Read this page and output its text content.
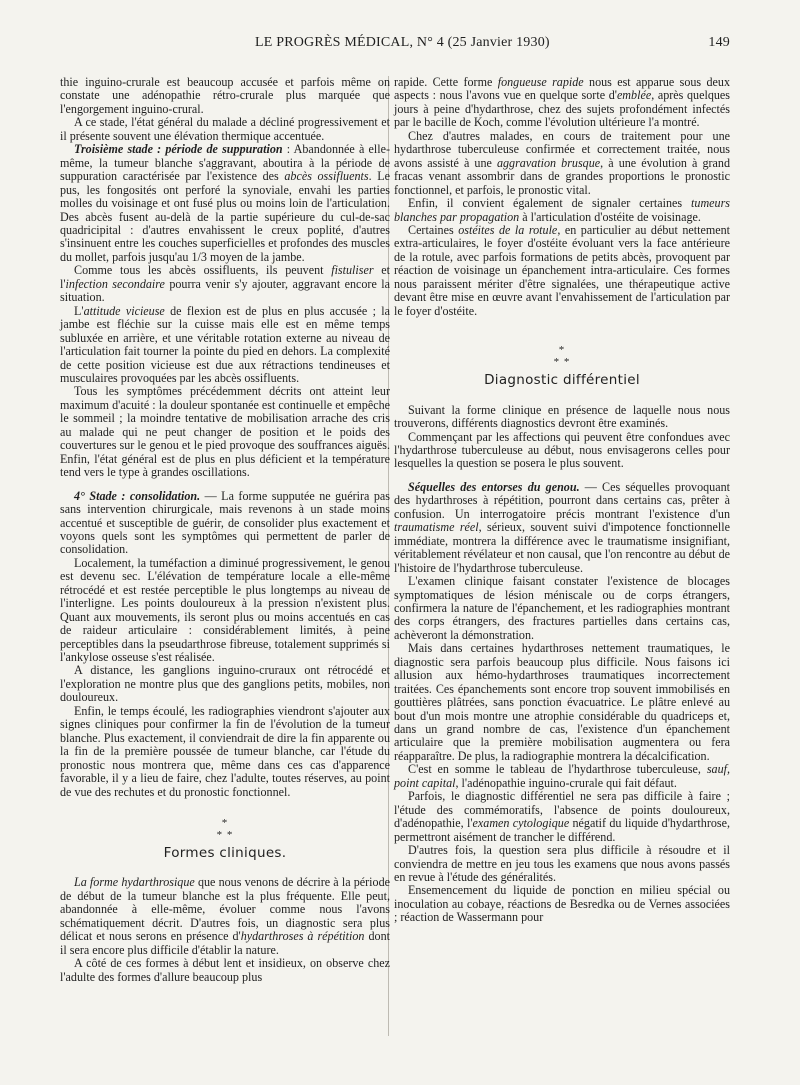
LE PROGRÈS MÉDICAL, N° 4 (25 Janvier 1930)	149

thie inguino-crurale est beaucoup accusée et parfois même on constate une adénopathie rétro-crurale plus marquée que l'engorgement inguino-crural.

A ce stade, l'état général du malade a décliné progressivement et il présente souvent une élévation thermique accentuée.

Troisième stade : période de suppuration : Abandonnée à elle-même, la tumeur blanche s'aggravant, aboutira à la période de suppuration caractérisée par l'existence des abcès ossifluents. Le pus, les fongosités ont perforé la synoviale, envahi les parties molles du voisinage et ont fusé plus ou moins loin de l'articulation. Des abcès fusent au-delà de la partie supérieure du cul-de-sac quadricipital : d'autres envahissent le creux poplité, d'autres s'insinuent entre les couches superficielles et profondes des muscles du mollet, parfois jusqu'au 1/3 moyen de la jambe.

Comme tous les abcès ossifluents, ils peuvent fistuliser et l'infection secondaire pourra venir s'y ajouter, aggravant encore la situation.

L'attitude vicieuse de flexion est de plus en plus accusée ; la jambe est fléchie sur la cuisse mais elle est en même temps subluxée en arrière, et une véritable rotation externe au niveau de l'articulation fait tourner la pointe du pied en dehors. La complexité de cette position vicieuse est due aux rétractions tendineuses et musculaires provoquées par les abcès ossifluents.

Tous les symptômes précédemment décrits ont atteint leur maximum d'acuité : la douleur spontanée est continuelle et empêche le sommeil ; la moindre tentative de mobilisation arrache des cris au malade qui ne peut changer de position et le poids des couvertures sur le genou et le pied provoque des souffrances aiguës. Enfin, l'état général est de plus en plus déficient et la température tend vers le type à grandes oscillations.

4° Stade : consolidation. — La forme supputée ne guérira pas sans intervention chirurgicale, mais revenons à un stade moins accentué et susceptible de guérir, de consolider plus exactement et voyons quels sont les symptômes qui permettent de parler de consolidation.

Localement, la tuméfaction a diminué progressivement, le genou est devenu sec. L'élévation de température locale a elle-même rétrocédé et est restée perceptible le plus longtemps au niveau de l'interligne. Les points douloureux à la pression n'existent plus. Quant aux mouvements, ils seront plus ou moins accentués en cas de raideur articulaire : considérablement limités, à peine perceptibles dans la pseudarthrose fibreuse, totalement supprimés si l'ankylose osseuse s'est réalisée.

A distance, les ganglions inguino-cruraux ont rétrocédé et l'exploration ne montre plus que des ganglions petits, mobiles, non douloureux.

Enfin, le temps écoulé, les radiographies viendront s'ajouter aux signes cliniques pour confirmer la fin de l'évolution de la tumeur blanche. Plus exactement, il conviendrait de dire la fin apparente ou la fin de la première poussée de tumeur blanche, car l'étude du pronostic nous montrera que, même dans ces cas d'apparence favorable, il y a lieu de faire, chez l'adulte, toutes réserves, au point de vue des rechutes et du pronostic fonctionnel.

*
* *
Formes cliniques.

La forme hydarthrosique que nous venons de décrire à la période de début de la tumeur blanche est la plus fréquente. Elle peut, abandonnée à elle-même, évoluer comme nous l'avons schématiquement décrit. D'autres fois, un diagnostic sera plus délicat et nous serons en présence d'hydarthroses à répétition dont il sera encore plus difficile d'établir la nature.

A côté de ces formes à début lent et insidieux, on observe chez l'adulte des formes d'allure beaucoup plus

rapide. Cette forme fongueuse rapide nous est apparue sous deux aspects : nous l'avons vue en quelque sorte d'emblée, après quelques jours à peine d'hydarthrose, chez des sujets profondément infectés par le bacille de Koch, comme l'évolution ultérieure l'a montré.

Chez d'autres malades, en cours de traitement pour une hydarthrose tuberculeuse confirmée et correctement traitée, nous avons assisté à une aggravation brusque, à une évolution à grand fracas venant assombrir dans de grandes proportions le pronostic fonctionnel, et parfois, le pronostic vital.

Enfin, il convient également de signaler certaines tumeurs blanches par propagation à l'articulation d'ostéite de voisinage.

Certaines ostéites de la rotule, en particulier au début nettement extra-articulaires, le foyer d'ostéite évoluant vers la face antérieure de la rotule, avec parfois formations de petits abcès, provoquent par réaction de voisinage un épanchement intra-articulaire. Ces formes nous paraissent mériter d'être signalées, une thérapeutique active devant être mise en œuvre avant l'envahissement de l'articulation par le foyer d'ostéite.

*
* *
Diagnostic différentiel

Suivant la forme clinique en présence de laquelle nous nous trouverons, différents diagnostics devront être examinés.

Commençant par les affections qui peuvent être confondues avec l'hydarthrose tuberculeuse au début, nous envisagerons celles pour lesquelles la question se posera le plus souvent.

Séquelles des entorses du genou. — Ces séquelles provoquant des hydarthroses à répétition, pourront dans certains cas, prêter à confusion. Un interrogatoire précis montrant l'existence d'un traumatisme réel, sérieux, souvent suivi d'impotence fonctionnelle immédiate, montrera la différence avec le traumatisme insignifiant, véritablement révélateur et non causal, que l'on rencontre au début de l'histoire de l'hydarthrose tuberculeuse.

L'examen clinique faisant constater l'existence de blocages symptomatiques de lésion méniscale ou de corps étrangers, confirmera la nature de l'épanchement, et les radiographies montrant des corps étrangers, des fractures partielles dans certains cas, achèveront la démonstration.

Mais dans certaines hydarthroses nettement traumatiques, le diagnostic sera parfois beaucoup plus difficile. Nous faisons ici allusion aux hémo-hydarthroses traumatiques incorrectement traitées. Ces épanchements sont encore trop souvent immobilisés en gouttières plâtrées, sans ponction évacuatrice. Le plâtre enlevé au bout d'un mois montre une atrophie considérable du quadriceps et, dans un grand nombre de cas, l'existence d'un épanchement articulaire que la première mobilisation augmentera ou fera réapparaître. De plus, la radiographie montrera la décalcification.

C'est en somme le tableau de l'hydarthrose tuberculeuse, sauf, point capital, l'adénopathie inguino-crurale qui fait défaut.

Parfois, le diagnostic différentiel ne sera pas difficile à faire ; l'étude des commémoratifs, l'absence de points douloureux, d'adénopathie, l'examen cytologique négatif du liquide d'hydarthrose, permettront aisément de trancher le différend.

D'autres fois, la question sera plus difficile à résoudre et il conviendra de mettre en jeu tous les examens que nous avons passés en revue à l'étude des généralités.

Ensemencement du liquide de ponction en milieu spécial ou inoculation au cobaye, réactions de Besredka ou de Vernes associées ; réaction de Wassermann pour
